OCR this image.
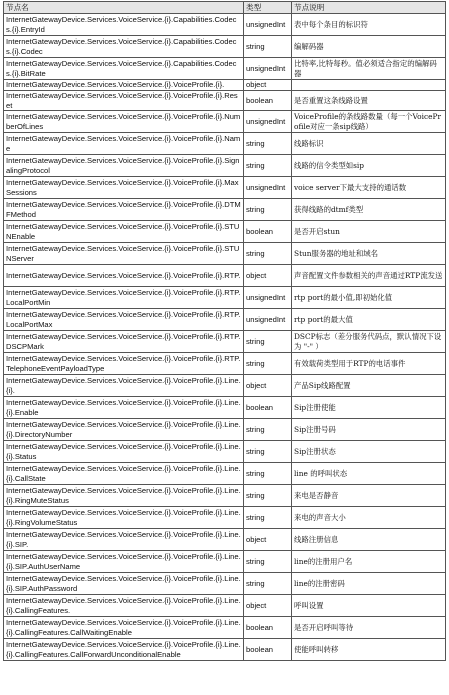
节点名	类型	节点说明
InternetGatewayDevice.Services.VoiceService.{i}.Capabilities.Codecs.{i}.EntryId	unsignedInt	表中每个条目的标识符
InternetGatewayDevice.Services.VoiceService.{i}.Capabilities.Codecs.{i}.Codec	string	编解码器
InternetGatewayDevice.Services.VoiceService.{i}.Capabilities.Codecs.{i}.BitRate	unsignedInt	比特率,比特每秒。值必须适合指定的编解码器
InternetGatewayDevice.Services.VoiceService.{i}.VoiceProfile.{i}.	object	
InternetGatewayDevice.Services.VoiceService.{i}.VoiceProfile.{i}.Reset	boolean	是否重置这条线路设置
InternetGatewayDevice.Services.VoiceService.{i}.VoiceProfile.{i}.NumberOfLines	unsignedInt	VoiceProfile的条线路数量（每一个VoiceProfile对应一条sip线路）
InternetGatewayDevice.Services.VoiceService.{i}.VoiceProfile.{i}.Name	string	线路标识
InternetGatewayDevice.Services.VoiceService.{i}.VoiceProfile.{i}.SignalingProtocol	string	线路的信令类型如sip
InternetGatewayDevice.Services.VoiceService.{i}.VoiceProfile.{i}.MaxSessions	unsignedInt	voice server下最大支持的通话数
InternetGatewayDevice.Services.VoiceService.{i}.VoiceProfile.{i}.DTMFMethod	string	获得线路的dtmf类型
InternetGatewayDevice.Services.VoiceService.{i}.VoiceProfile.{i}.STUNEnable	boolean	是否开启stun
InternetGatewayDevice.Services.VoiceService.{i}.VoiceProfile.{i}.STUNServer	string	Stun服务器的地址和域名
InternetGatewayDevice.Services.VoiceService.{i}.VoiceProfile.{i}.RTP.	object	声音配置文件参数相关的声音通过RTP流发送
InternetGatewayDevice.Services.VoiceService.{i}.VoiceProfile.{i}.RTP.LocalPortMin	unsignedInt	rtp port的最小值,即初始化值
InternetGatewayDevice.Services.VoiceService.{i}.VoiceProfile.{i}.RTP.LocalPortMax	unsignedInt	rtp port的最大值
InternetGatewayDevice.Services.VoiceService.{i}.VoiceProfile.{i}.RTP.DSCPMark	string	DSCP标志（差分服务代码点，默认情况下设为 "-" ）
InternetGatewayDevice.Services.VoiceService.{i}.VoiceProfile.{i}.RTP.TelephoneEventPayloadType	string	有效载荷类型用于RTP的电话事件
InternetGatewayDevice.Services.VoiceService.{i}.VoiceProfile.{i}.Line.{i}.	object	产品Sip线路配置
InternetGatewayDevice.Services.VoiceService.{i}.VoiceProfile.{i}.Line.{i}.Enable	boolean	Sip注册使能
InternetGatewayDevice.Services.VoiceService.{i}.VoiceProfile.{i}.Line.{i}.DirectoryNumber	string	Sip注册号码
InternetGatewayDevice.Services.VoiceService.{i}.VoiceProfile.{i}.Line.{i}.Status	string	Sip注册状态
InternetGatewayDevice.Services.VoiceService.{i}.VoiceProfile.{i}.Line.{i}.CallState	string	line 的呼叫状态
InternetGatewayDevice.Services.VoiceService.{i}.VoiceProfile.{i}.Line.{i}.RingMuteStatus	string	来电是否静音
InternetGatewayDevice.Services.VoiceService.{i}.VoiceProfile.{i}.Line.{i}.RingVolumeStatus	string	来电的声音大小
InternetGatewayDevice.Services.VoiceService.{i}.VoiceProfile.{i}.Line.{i}.SIP.	object	线路注册信息
InternetGatewayDevice.Services.VoiceService.{i}.VoiceProfile.{i}.Line.{i}.SIP.AuthUserName	string	line的注册用户名
InternetGatewayDevice.Services.VoiceService.{i}.VoiceProfile.{i}.Line.{i}.SIP.AuthPassword	string	line的注册密码
InternetGatewayDevice.Services.VoiceService.{i}.VoiceProfile.{i}.Line.{i}.CallingFeatures.	object	呼叫设置
InternetGatewayDevice.Services.VoiceService.{i}.VoiceProfile.{i}.Line.{i}.CallingFeatures.CallWaitingEnable	boolean	是否开启呼叫等待
InternetGatewayDevice.Services.VoiceService.{i}.VoiceProfile.{i}.Line.{i}.CallingFeatures.CallForwardUnconditionalEnable	boolean	使能呼叫转移
